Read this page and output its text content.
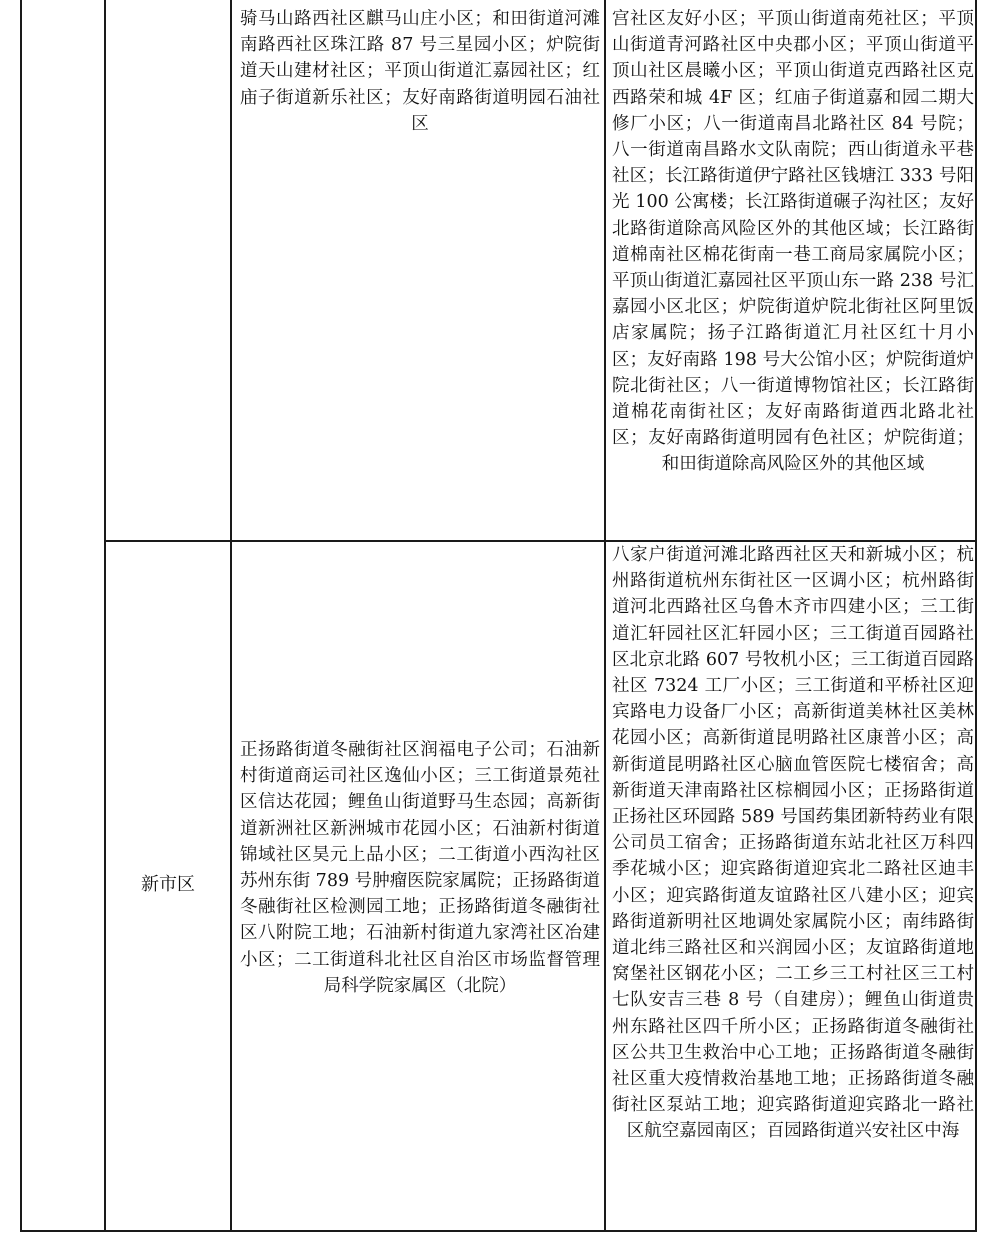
骑马山路西社区麒马山庄小区；和田街道河滩南路西社区珠江路 87 号三星园小区；炉院街道天山建材社区；平顶山街道汇嘉园社区；红庙子街道新乐社区；友好南路街道明园石油社区
宫社区友好小区；平顶山街道南苑社区；平顶山街道青河路社区中央郡小区；平顶山街道平顶山社区晨曦小区；平顶山街道克西路社区克西路荣和城 4F 区；红庙子街道嘉和园二期大修厂小区；八一街道南昌北路社区 84 号院；八一街道南昌路水文队南院；西山街道永平巷社区；长江路街道伊宁路社区钱塘江 333 号阳光 100 公寓楼；长江路街道碾子沟社区；友好北路街道除高风险区外的其他区域；长江路街道棉南社区棉花街南一巷工商局家属院小区；平顶山街道汇嘉园社区平顶山东一路 238 号汇嘉园小区北区；炉院街道炉院北街社区阿里饭店家属院；扬子江路街道汇月社区红十月小区；友好南路 198 号大公馆小区；炉院街道炉院北街社区；八一街道博物馆社区；长江路街道棉花南街社区；友好南路街道西北路北社区；友好南路街道明园有色社区；炉院街道；和田街道除高风险区外的其他区域
新市区
正扬路街道冬融街社区润福电子公司；石油新村街道商运司社区逸仙小区；三工街道景苑社区信达花园；鲤鱼山街道野马生态园；高新街道新洲社区新洲城市花园小区；石油新村街道锦域社区昊元上品小区；二工街道小西沟社区苏州东街 789 号肿瘤医院家属院；正扬路街道冬融街社区检测园工地；正扬路街道冬融街社区八附院工地；石油新村街道九家湾社区冶建小区；二工街道科北社区自治区市场监督管理局科学院家属区（北院）
八家户街道河滩北路西社区天和新城小区；杭州路街道杭州东街社区一区调小区；杭州路街道河北西路社区乌鲁木齐市四建小区；三工街道汇轩园社区汇轩园小区；三工街道百园路社区北京北路 607 号牧机小区；三工街道百园路社区 7324 工厂小区；三工街道和平桥社区迎宾路电力设备厂小区；高新街道美林社区美林花园小区；高新街道昆明路社区康普小区；高新街道昆明路社区心脑血管医院七楼宿舍；高新街道天津南路社区棕榈园小区；正扬路街道正扬社区环园路 589 号国药集团新特药业有限公司员工宿舍；正扬路街道东站北社区万科四季花城小区；迎宾路街道迎宾北二路社区迪丰小区；迎宾路街道友谊路社区八建小区；迎宾路街道新明社区地调处家属院小区；南纬路街道北纬三路社区和兴润园小区；友谊路街道地窝堡社区钢花小区；二工乡三工村社区三工村七队安吉三巷 8 号（自建房）；鲤鱼山街道贵州东路社区四千所小区；正扬路街道冬融街社区公共卫生救治中心工地；正扬路街道冬融街社区重大疫情救治基地工地；正扬路街道冬融街社区泵站工地；迎宾路街道迎宾路北一路社区航空嘉园南区；百园路街道兴安社区中海
